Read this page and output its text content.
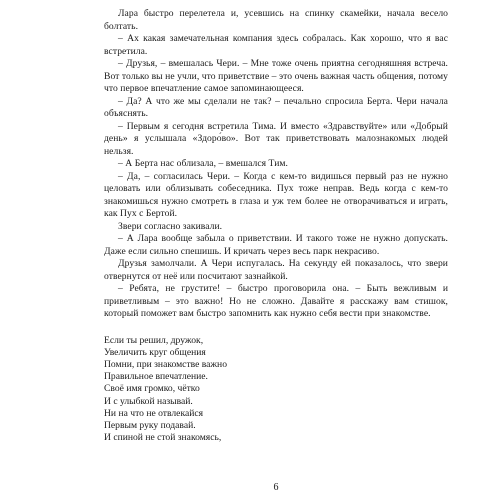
Лара быстро перелетела и, усевшись на спинку скамейки, начала весело болтать.

– Ах какая замечательная компания здесь собралась. Как хорошо, что я вас встретила.

– Друзья, – вмешалась Чери. – Мне тоже очень приятна сегодняшняя встреча. Вот только вы не учли, что приветствие – это очень важная часть общения, потому что первое впечатление самое запоминающееся.

– Да? А что же мы сделали не так? – печально спросила Берта. Чери начала объяснять.

– Первым я сегодня встретила Тима. И вместо «Здравствуйте» или «Добрый день» я услышала «Здоро́во». Вот так приветствовать малознакомых людей нельзя.

– А Берта нас облизала, – вмешался Тим.

– Да, – согласилась Чери. – Когда с кем-то видишься первый раз не нужно целовать или облизывать собеседника. Пух тоже неправ. Ведь когда с кем-то знакомишься нужно смотреть в глаза и уж тем более не отворачиваться и играть, как Пух с Бертой.

Звери согласно закивали.

– А Лара вообще забыла о приветствии. И такого тоже не нужно допускать. Даже если сильно спешишь. И кричать через весь парк некрасиво.

Друзья замолчали. А Чери испугалась. На секунду ей показалось, что звери отвернутся от неё или посчитают зазнайкой.

– Ребята, не грустите! – быстро проговорила она. – Быть вежливым и приветливым – это важно! Но не сложно. Давайте я расскажу вам стишок, который поможет вам быстро запомнить как нужно себя вести при знакомстве.

Если ты решил, дружок,
Увеличить круг общения
Помни, при знакомстве важно
Правильное впечатление.
Своё имя громко, чётко
И с улыбкой называй.
Ни на что не отвлекайся
Первым руку подавай.
И спиной не стой знакомясь,
6
